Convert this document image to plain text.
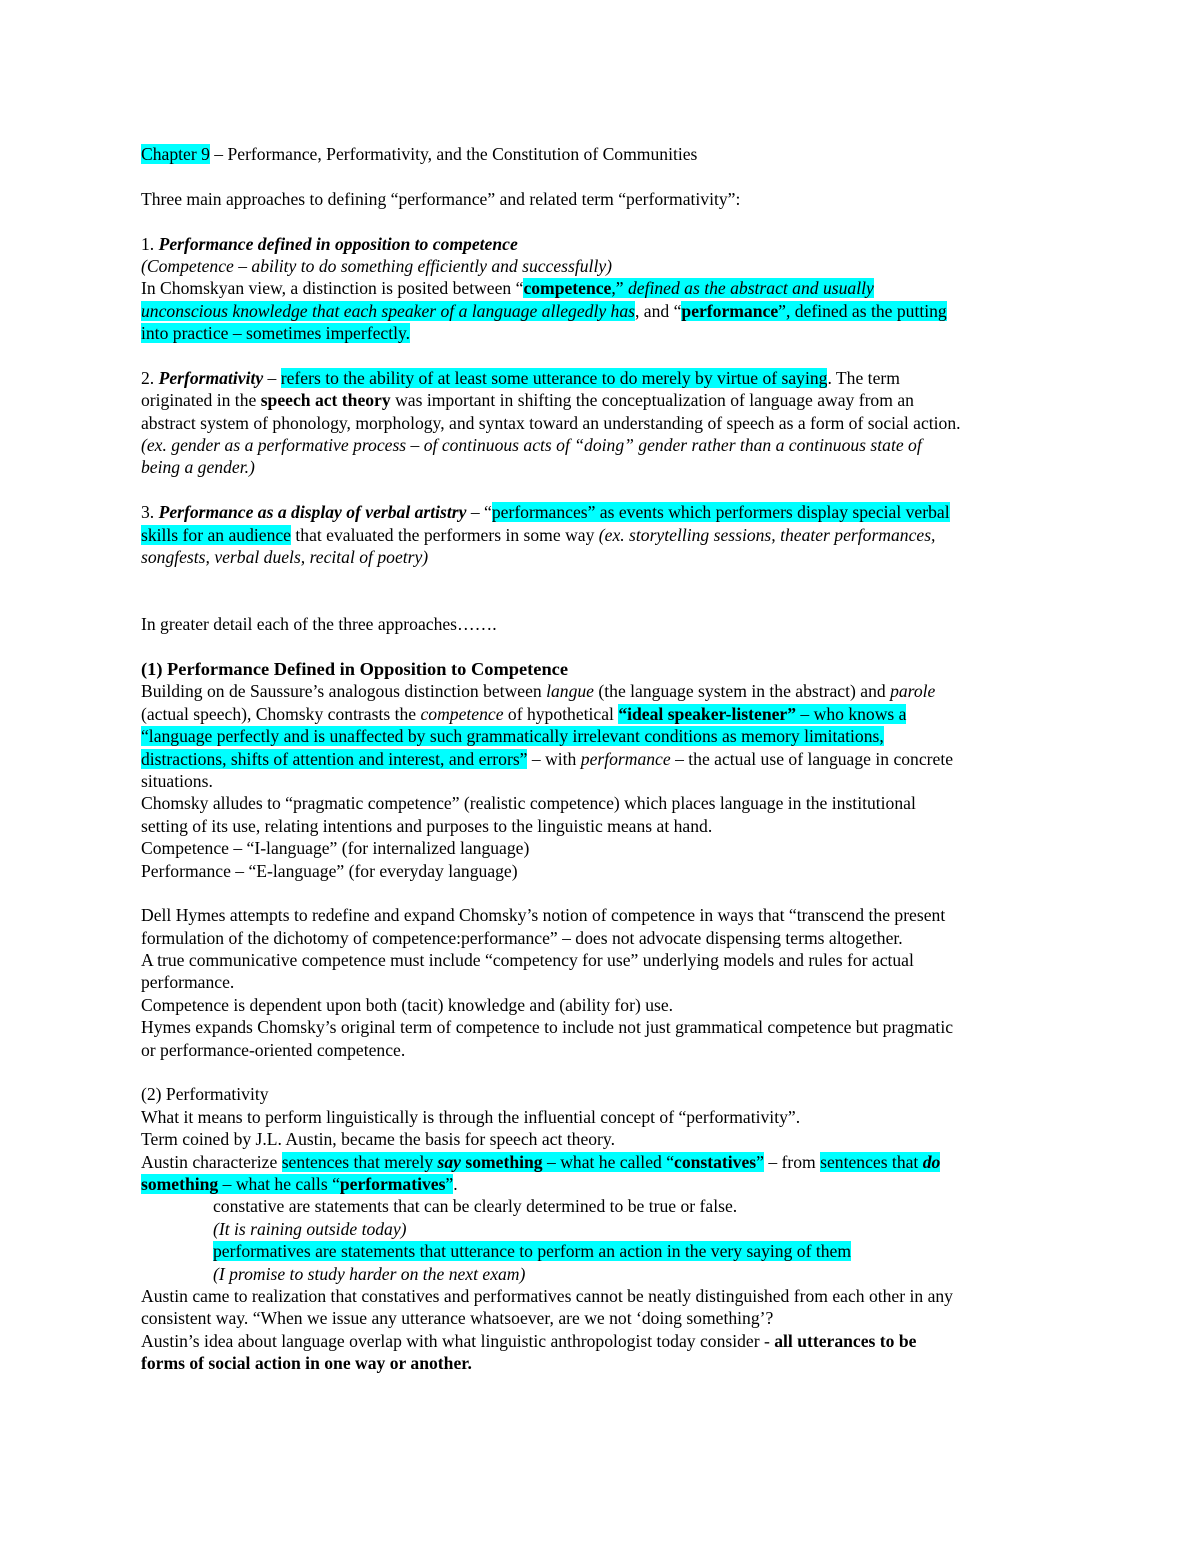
Chapter 9 – Performance, Performativity, and the Constitution of Communities
Three main approaches to defining “performance” and related term “performativity”:
1. Performance defined in opposition to competence
(Competence – ability to do something efficiently and successfully)
In Chomskyan view, a distinction is posited between “competence,” defined as the abstract and usually
unconscious knowledge that each speaker of a language allegedly has, and “performance”, defined as the putting
into practice – sometimes imperfectly.
2. Performativity – refers to the ability of at least some utterance to do merely by virtue of saying. The term
originated in the speech act theory was important in shifting the conceptualization of language away from an
abstract system of phonology, morphology, and syntax toward an understanding of speech as a form of social action.
(ex. gender as a performative process – of continuous acts of “doing” gender rather than a continuous state of
being a gender.)
3. Performance as a display of verbal artistry – “performances” as events which performers display special verbal
skills for an audience that evaluated the performers in some way (ex. storytelling sessions, theater performances,
songfests, verbal duels, recital of poetry)
In greater detail each of the three approaches…….
(1) Performance Defined in Opposition to Competence
Building on de Saussure’s analogous distinction between langue (the language system in the abstract) and parole
(actual speech), Chomsky contrasts the competence of hypothetical “ideal speaker-listener” – who knows a
“language perfectly and is unaffected by such grammatically irrelevant conditions as memory limitations,
distractions, shifts of attention and interest, and errors” – with performance – the actual use of language in concrete
situations.
Chomsky alludes to “pragmatic competence” (realistic competence) which places language in the institutional
setting of its use, relating intentions and purposes to the linguistic means at hand.
Competence – “I-language” (for internalized language)
Performance – “E-language” (for everyday language)
Dell Hymes attempts to redefine and expand Chomsky’s notion of competence in ways that “transcend the present
formulation of the dichotomy of competence:performance” – does not advocate dispensing terms altogether.
A true communicative competence must include “competency for use” underlying models and rules for actual
performance.
Competence is dependent upon both (tacit) knowledge and (ability for) use.
Hymes expands Chomsky’s original term of competence to include not just grammatical competence but pragmatic
or performance-oriented competence.
(2) Performativity
What it means to perform linguistically is through the influential concept of “performativity”.
Term coined by J.L. Austin, became the basis for speech act theory.
Austin characterize sentences that merely say something – what he called “constatives” – from sentences that do
something – what he calls “performatives”.
constative are statements that can be clearly determined to be true or false.
(It is raining outside today)
performatives are statements that utterance to perform an action in the very saying of them
(I promise to study harder on the next exam)
Austin came to realization that constatives and performatives cannot be neatly distinguished from each other in any
consistent way. “When we issue any utterance whatsoever, are we not ‘doing something’?
Austin’s idea about language overlap with what linguistic anthropologist today consider - all utterances to be
forms of social action in one way or another.
